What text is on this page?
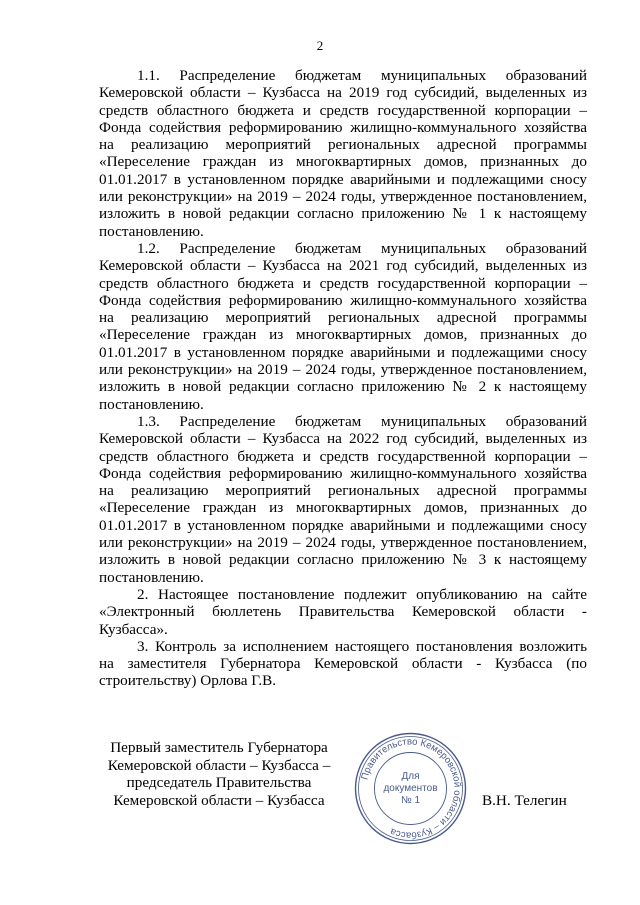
2

1.1. Распределение бюджетам муниципальных образований Кемеровской области – Кузбасса на 2019 год субсидий, выделенных из средств областного бюджета и средств государственной корпорации – Фонда содействия реформированию жилищно-коммунального хозяйства на реализацию мероприятий региональных адресной программы «Переселение граждан из многоквартирных домов, признанных до 01.01.2017 в установленном порядке аварийными и подлежащими сносу или реконструкции» на 2019 – 2024 годы, утвержденное постановлением, изложить в новой редакции согласно приложению № 1 к настоящему постановлению.

1.2. Распределение бюджетам муниципальных образований Кемеровской области – Кузбасса на 2021 год субсидий, выделенных из средств областного бюджета и средств государственной корпорации – Фонда содействия реформированию жилищно-коммунального хозяйства на реализацию мероприятий региональных адресной программы «Переселение граждан из многоквартирных домов, признанных до 01.01.2017 в установленном порядке аварийными и подлежащими сносу или реконструкции» на 2019 – 2024 годы, утвержденное постановлением, изложить в новой редакции согласно приложению № 2 к настоящему постановлению.

1.3. Распределение бюджетам муниципальных образований Кемеровской области – Кузбасса на 2022 год субсидий, выделенных из средств областного бюджета и средств государственной корпорации – Фонда содействия реформированию жилищно-коммунального хозяйства на реализацию мероприятий региональных адресной программы «Переселение граждан из многоквартирных домов, признанных до 01.01.2017 в установленном порядке аварийными и подлежащими сносу или реконструкции» на 2019 – 2024 годы, утвержденное постановлением, изложить в новой редакции согласно приложению № 3 к настоящему постановлению.

2. Настоящее постановление подлежит опубликованию на сайте «Электронный бюллетень Правительства Кемеровской области - Кузбасса».

3. Контроль за исполнением настоящего постановления возложить на заместителя Губернатора Кемеровской области - Кузбасса (по строительству) Орлова Г.В.

Первый заместитель Губернатора
Кемеровской области – Кузбасса –
председатель Правительства
Кемеровской области – Кузбасса
Правительство Кемеровской области – Кузбасса
Для
документов
№ 1	В.Н. Телегин
